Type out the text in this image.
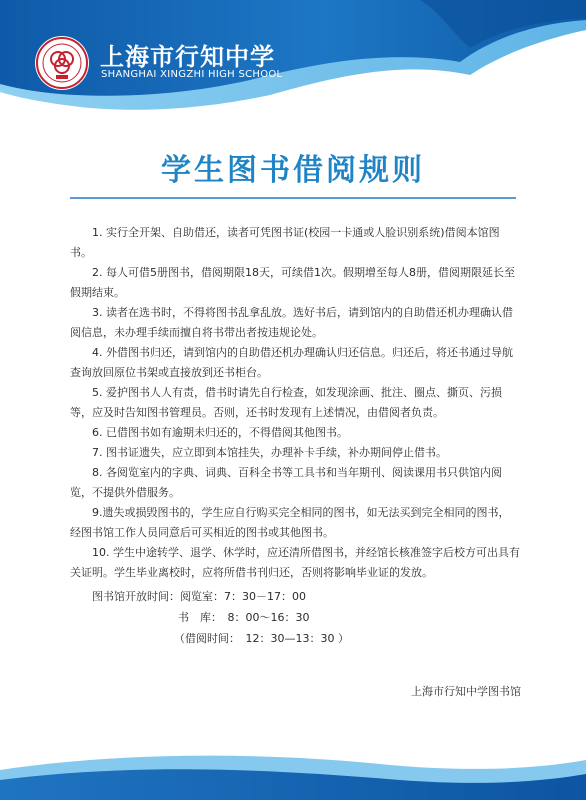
上海市行知中学
SHANGHAI XINGZHI HIGH SCHOOL
学生图书借阅规则

1. 实行全开架、自助借还，读者可凭图书证(校园一卡通或人脸识别系统)借阅本馆图书。

2. 每人可借5册图书，借阅期限18天，可续借1次。假期增至每人8册，借阅期限延长至假期结束。

3. 读者在选书时，不得将图书乱拿乱放。选好书后，请到馆内的自助借还机办理确认借阅信息，未办理手续而擅自将书带出者按违规论处。

4. 外借图书归还，请到馆内的自助借还机办理确认归还信息。归还后，将还书通过导航查询放回原位书架或直接放到还书柜台。

5. 爱护图书人人有责，借书时请先自行检查，如发现涂画、批注、圈点、撕页、污损等，应及时告知图书管理员。否则，还书时发现有上述情况，由借阅者负责。

6. 已借图书如有逾期未归还的，不得借阅其他图书。

7. 图书证遗失，应立即到本馆挂失，办理补卡手续，补办期间停止借书。

8. 各阅览室内的字典、词典、百科全书等工具书和当年期刊、阅读课用书只供馆内阅览，不提供外借服务。

9.遗失或损毁图书的，学生应自行购买完全相同的图书，如无法买到完全相同的图书，经图书馆工作人员同意后可买相近的图书或其他图书。

10. 学生中途转学、退学、休学时，应还清所借图书，并经馆长核准签字后校方可出具有关证明。学生毕业离校时，应将所借书刊归还，否则将影响毕业证的发放。

图书馆开放时间：阅览室：7：30－17：00
书　库：　8：00～16：30
（借阅时间：　12：30—13：30 ）
上海市行知中学图书馆
